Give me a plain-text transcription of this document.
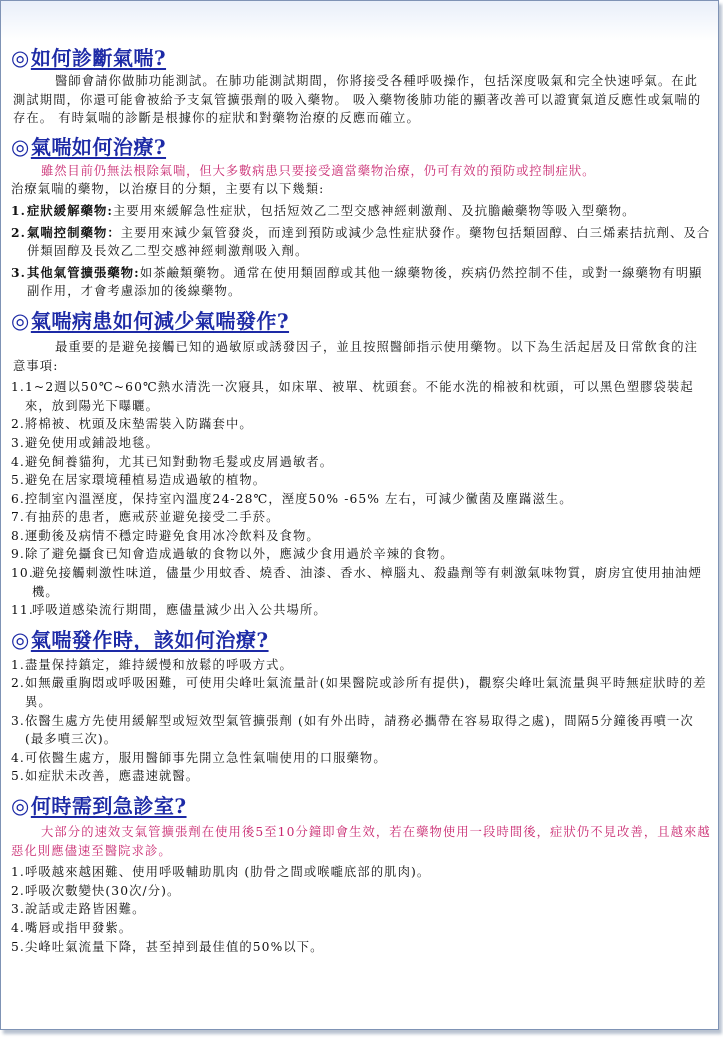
◎ 如何診斷氣喘?

醫師會請你做肺功能測試。在肺功能測試期間，你將接受各種呼吸操作，包括深度吸氣和完全快速呼氣。在此測試期間，你還可能會被給予支氣管擴張劑的吸入藥物。 吸入藥物後肺功能的顯著改善可以證實氣道反應性或氣喘的存在。 有時氣喘的診斷是根據你的症狀和對藥物治療的反應而確立。

◎ 氣喘如何治療?

雖然目前仍無法根除氣喘，但大多數病患只要接受適當藥物治療，仍可有效的預防或控制症狀。

治療氣喘的藥物，以治療目的分類，主要有以下幾類:

1. 症狀緩解藥物:主要用來緩解急性症狀，包括短效乙二型交感神經刺激劑、及抗膽鹼藥物等吸入型藥物。
2. 氣喘控制藥物：主要用來減少氣管發炎，而達到預防或減少急性症狀發作。藥物包括類固醇、白三烯素拮抗劑、及合併類固醇及長效乙二型交感神經刺激劑吸入劑。
3. 其他氣管擴張藥物:如茶鹼類藥物。通常在使用類固醇或其他一線藥物後，疾病仍然控制不佳，或對一線藥物有明顯副作用，才會考慮添加的後線藥物。
◎ 氣喘病患如何減少氣喘發作?

最重要的是避免接觸已知的過敏原或誘發因子，並且按照醫師指示使用藥物。以下為生活起居及日常飲食的注意事項:

1. 1~2週以50℃~60℃熱水清洗一次寢具，如床單、被單、枕頭套。不能水洗的棉被和枕頭，可以黑色塑膠袋裝起來，放到陽光下曝曬。
2. 將棉被、枕頭及床墊需裝入防蹣套中。
3. 避免使用或鋪設地毯。
4. 避免飼養貓狗，尤其已知對動物毛髮或皮屑過敏者。
5. 避免在居家環境種植易造成過敏的植物。
6. 控制室內溫溼度，保持室內溫度24-28℃，溼度50% -65% 左右，可減少黴菌及塵蹣滋生。
7. 有抽菸的患者，應戒菸並避免接受二手菸。
8. 運動後及病情不穩定時避免食用冰冷飲料及食物。
9. 除了避免攝食已知會造成過敏的食物以外，應減少食用過於辛辣的食物。
10.
避免接觸刺激性味道，儘量少用蚊香、燒香、油漆、香水、樟腦丸、殺蟲劑等有刺激氣味物質，廚房宜使用抽油煙機。
11.
呼吸道感染流行期間，應儘量減少出入公共場所。
◎ 氣喘發作時，該如何治療?
1. 盡量保持鎮定，維持緩慢和放鬆的呼吸方式。
2. 如無嚴重胸悶或呼吸困難，可使用尖峰吐氣流量計(如果醫院或診所有提供)，觀察尖峰吐氣流量與平時無症狀時的差異。
3. 依醫生處方先使用緩解型或短效型氣管擴張劑 (如有外出時，請務必攜帶在容易取得之處)，間隔5分鐘後再噴一次(最多噴三次)。
4. 可依醫生處方，服用醫師事先開立急性氣喘使用的口服藥物。
5. 如症狀未改善，應盡速就醫。
◎ 何時需到急診室?

大部分的速效支氣管擴張劑在使用後5至10分鐘即會生效，若在藥物使用一段時間後，症狀仍不見改善，且越來越惡化則應儘速至醫院求診。

1. 呼吸越來越困難、使用呼吸輔助肌肉 (肋骨之間或喉嚨底部的肌肉)。
2. 呼吸次數變快(30次/分)。
3. 說話或走路皆困難。
4. 嘴唇或指甲發紫。
5. 尖峰吐氣流量下降，甚至掉到最佳值的50%以下。
